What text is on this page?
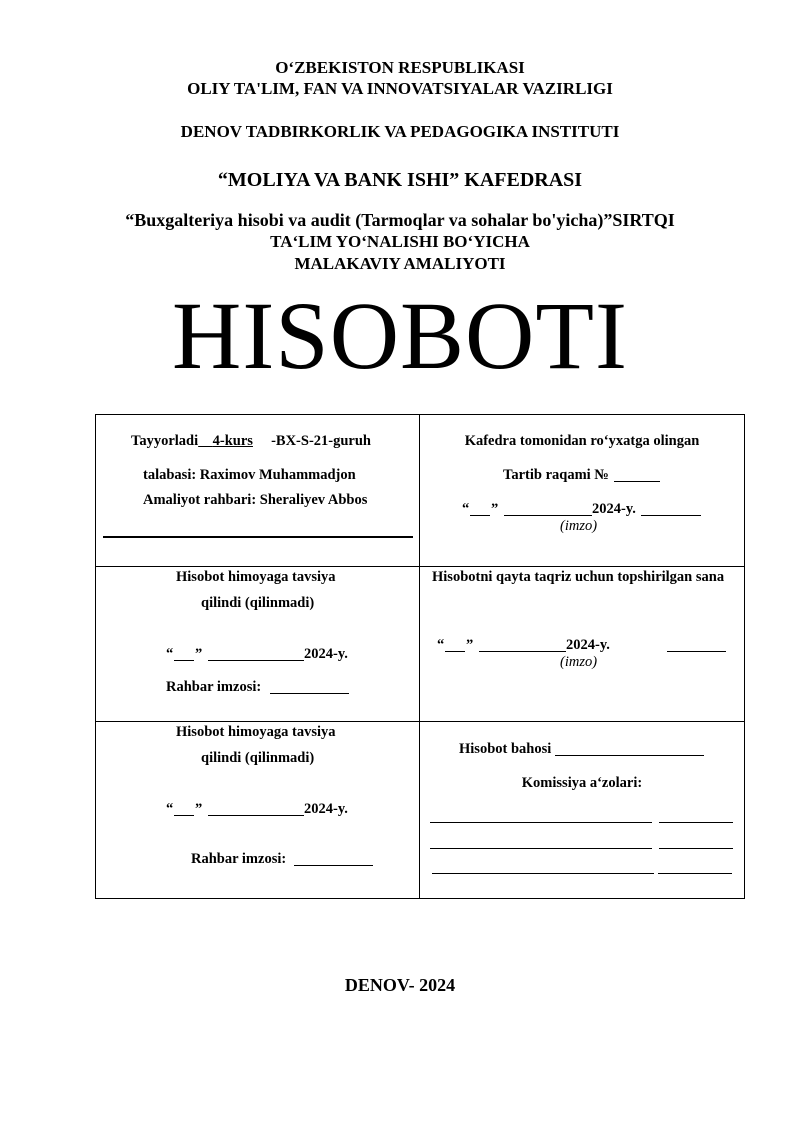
O‘ZBEKISTON RESPUBLIKASI
OLIY TA'LIM, FAN VA INNOVATSIYALAR VAZIRLIGI
DENOV TADBIRKORLIK VA PEDAGOGIKA INSTITUTI
“MOLIYA VA BANK ISHI” KAFEDRASI
“Buxgalteriya hisobi va audit (Tarmoqlar va sohalar bo'yicha)”SIRTQI
TA‘LIM YO‘NALISHI BO‘YICHA
MALAKAVIY AMALIYOTI
HISOBOTI
Tayyorladi 4-kurs -BX-S-21-guruh
talabasi: Raximov Muhammadjon
Amaliyot rahbari: Sheraliyev Abbos
Kafedra tomonidan ro‘yxatga olingan
Tartib raqami №
“ ”	2024-y.
(imzo)
Hisobot himoyaga tavsiya
qilindi (qilinmadi)
“ ”	2024-y.
Rahbar imzosi:
Hisobotni qayta taqriz uchun topshirilgan sana
“ ”	2024-y.
(imzo)
Hisobot himoyaga tavsiya
qilindi (qilinmadi)
“ ”	2024-y.
Rahbar imzosi:
Hisobot bahosi
Komissiya a‘zolari:
DENOV- 2024
